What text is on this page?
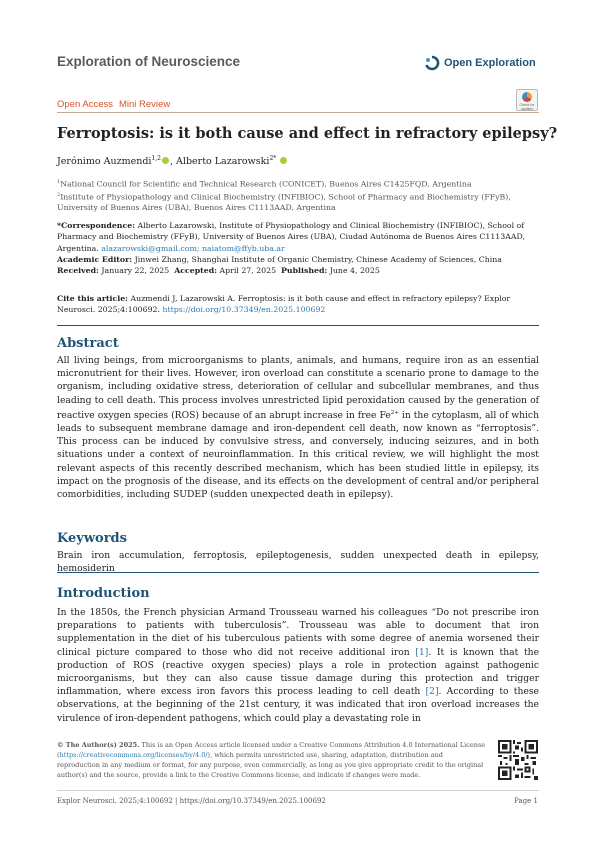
Exploration of Neuroscience	Open Exploration
Open Access Mini Review	Check for updates
Ferroptosis: is it both cause and effect in refractory epilepsy?
Jerónimo Auzmendi$^{1,2}$ , Alberto Lazarowski$^{2*}$
$^1$National Council for Scientific and Technical Research (CONICET), Buenos Aires C1425FQD, Argentina
$^2$Institute of Physiopathology and Clinical Biochemistry (INFIBIOC), School of Pharmacy and Biochemistry (FFyB), University of Buenos Aires (UBA), Buenos Aires C1113AAD, Argentina
*Correspondence: Alberto Lazarowski, Institute of Physiopathology and Clinical Biochemistry (INFIBIOC), School of Pharmacy and Biochemistry (FFyB), University of Buenos Aires (UBA), Ciudad Autónoma de Buenos Aires C1113AAD, Argentina. alazarowski@gmail.com; naiatom@ffyb.uba.ar
Academic Editor: Jinwei Zhang, Shanghai Institute of Organic Chemistry, Chinese Academy of Sciences, China
Received: January 22, 2025 Accepted: April 27, 2025 Published: June 4, 2025
Cite this article: Auzmendi J, Lazarowski A. Ferroptosis: is it both cause and effect in refractory epilepsy? Explor Neurosci. 2025;4:100692. https://doi.org/10.37349/en.2025.100692
Abstract
All living beings, from microorganisms to plants, animals, and humans, require iron as an essential micronutrient for their lives. However, iron overload can constitute a scenario prone to damage to the organism, including oxidative stress, deterioration of cellular and subcellular membranes, and thus leading to cell death. This process involves unrestricted lipid peroxidation caused by the generation of reactive oxygen species (ROS) because of an abrupt increase in free $Fe^{2+}$ in the cytoplasm, all of which leads to subsequent membrane damage and iron-dependent cell death, now known as “ferroptosis”. This process can be induced by convulsive stress, and conversely, inducing seizures, and in both situations under a context of neuroinflammation. In this critical review, we will highlight the most relevant aspects of this recently described mechanism, which has been studied little in epilepsy, its impact on the prognosis of the disease, and its effects on the development of central and/or peripheral comorbidities, including SUDEP (sudden unexpected death in epilepsy).
Keywords
Brain iron accumulation, ferroptosis, epileptogenesis, sudden unexpected death in epilepsy, hemosiderin
Introduction
In the 1850s, the French physician Armand Trousseau warned his colleagues “Do not prescribe iron preparations to patients with tuberculosis”. Trousseau was able to document that iron supplementation in the diet of his tuberculous patients with some degree of anemia worsened their clinical picture compared to those who did not receive additional iron [1]. It is known that the production of ROS (reactive oxygen species) plays a role in protection against pathogenic microorganisms, but they can also cause tissue damage during this protection and trigger inflammation, where excess iron favors this process leading to cell death [2]. According to these observations, at the beginning of the 21st century, it was indicated that iron overload increases the virulence of iron-dependent pathogens, which could play a devastating role in
© The Author(s) 2025. This is an Open Access article licensed under a Creative Commons Attribution 4.0 International License (https://creativecommons.org/licenses/by/4.0/), which permits unrestricted use, sharing, adaptation, distribution and reproduction in any medium or format, for any purpose, even commercially, as long as you give appropriate credit to the original author(s) and the source, provide a link to the Creative Commons license, and indicate if changes were made.
Explor Neurosci. 2025;4:100692 | https://doi.org/10.37349/en.2025.100692	Page 1
